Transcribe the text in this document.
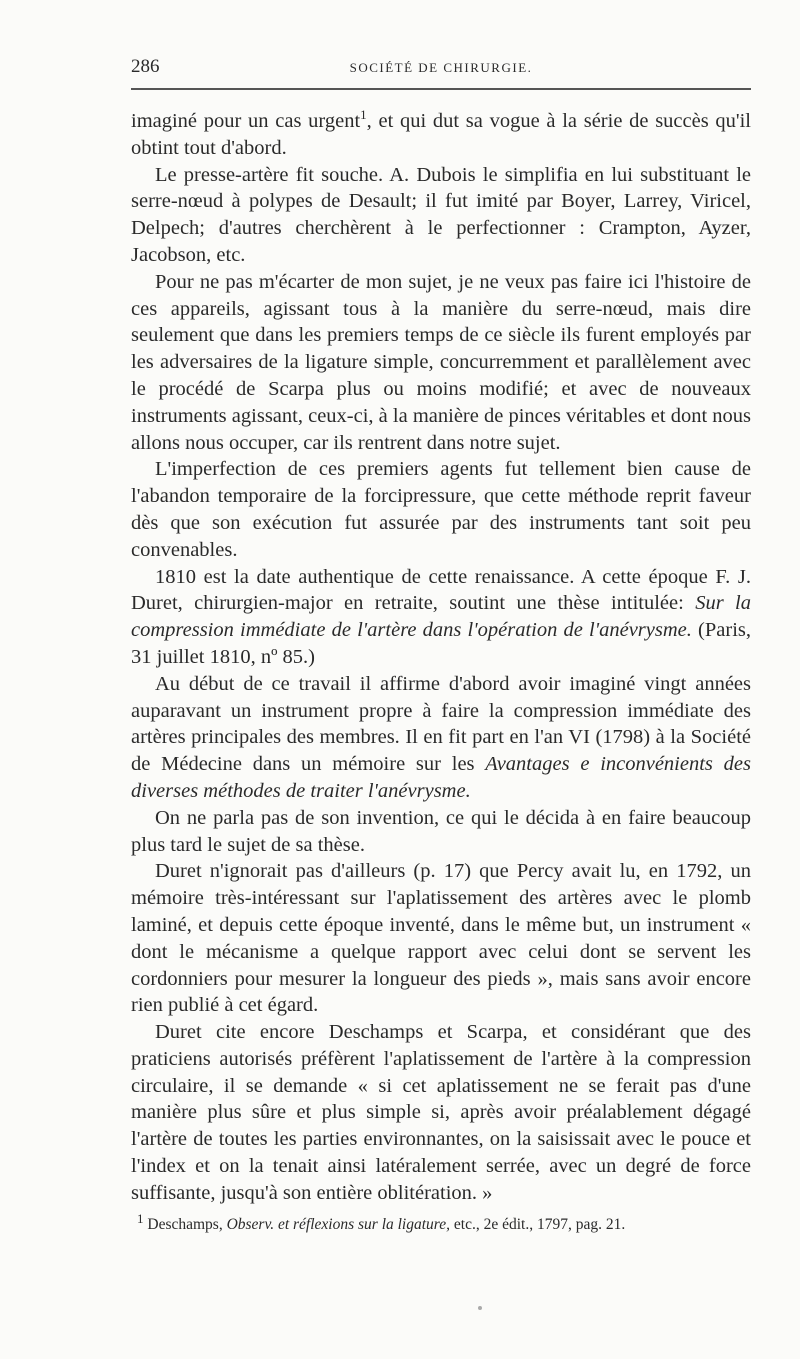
286	SOCIÉTÉ DE CHIRURGIE.

imaginé pour un cas urgent$^1$, et qui dut sa vogue à la série de succès qu'il obtint tout d'abord.

Le presse-artère fit souche. A. Dubois le simplifia en lui substituant le serre-nœud à polypes de Desault; il fut imité par Boyer, Larrey, Viricel, Delpech; d'autres cherchèrent à le perfectionner : Crampton, Ayzer, Jacobson, etc.

Pour ne pas m'écarter de mon sujet, je ne veux pas faire ici l'histoire de ces appareils, agissant tous à la manière du serre-nœud, mais dire seulement que dans les premiers temps de ce siècle ils furent employés par les adversaires de la ligature simple, concurremment et parallèlement avec le procédé de Scarpa plus ou moins modifié; et avec de nouveaux instruments agissant, ceux-ci, à la manière de pinces véritables et dont nous allons nous occuper, car ils rentrent dans notre sujet.

L'imperfection de ces premiers agents fut tellement bien cause de l'abandon temporaire de la forcipressure, que cette méthode reprit faveur dès que son exécution fut assurée par des instruments tant soit peu convenables.

1810 est la date authentique de cette renaissance. A cette époque F. J. Duret, chirurgien-major en retraite, soutint une thèse intitulée: Sur la compression immédiate de l'artère dans l'opération de l'anévrysme. (Paris, 31 juillet 1810, nº 85.)

Au début de ce travail il affirme d'abord avoir imaginé vingt années auparavant un instrument propre à faire la compression immédiate des artères principales des membres. Il en fit part en l'an VI (1798) à la Société de Médecine dans un mémoire sur les Avantages e inconvénients des diverses méthodes de traiter l'anévrysme.

On ne parla pas de son invention, ce qui le décida à en faire beaucoup plus tard le sujet de sa thèse.

Duret n'ignorait pas d'ailleurs (p. 17) que Percy avait lu, en 1792, un mémoire très-intéressant sur l'aplatissement des artères avec le plomb laminé, et depuis cette époque inventé, dans le même but, un instrument « dont le mécanisme a quelque rapport avec celui dont se servent les cordonniers pour mesurer la longueur des pieds », mais sans avoir encore rien publié à cet égard.

Duret cite encore Deschamps et Scarpa, et considérant que des praticiens autorisés préfèrent l'aplatissement de l'artère à la compression circulaire, il se demande « si cet aplatissement ne se ferait pas d'une manière plus sûre et plus simple si, après avoir préalablement dégagé l'artère de toutes les parties environnantes, on la saisissait avec le pouce et l'index et on la tenait ainsi latéralement serrée, avec un degré de force suffisante, jusqu'à son entière oblitération. »

$^1$ Deschamps, Observ. et réflexions sur la ligature, etc., 2e édit., 1797, pag. 21.
